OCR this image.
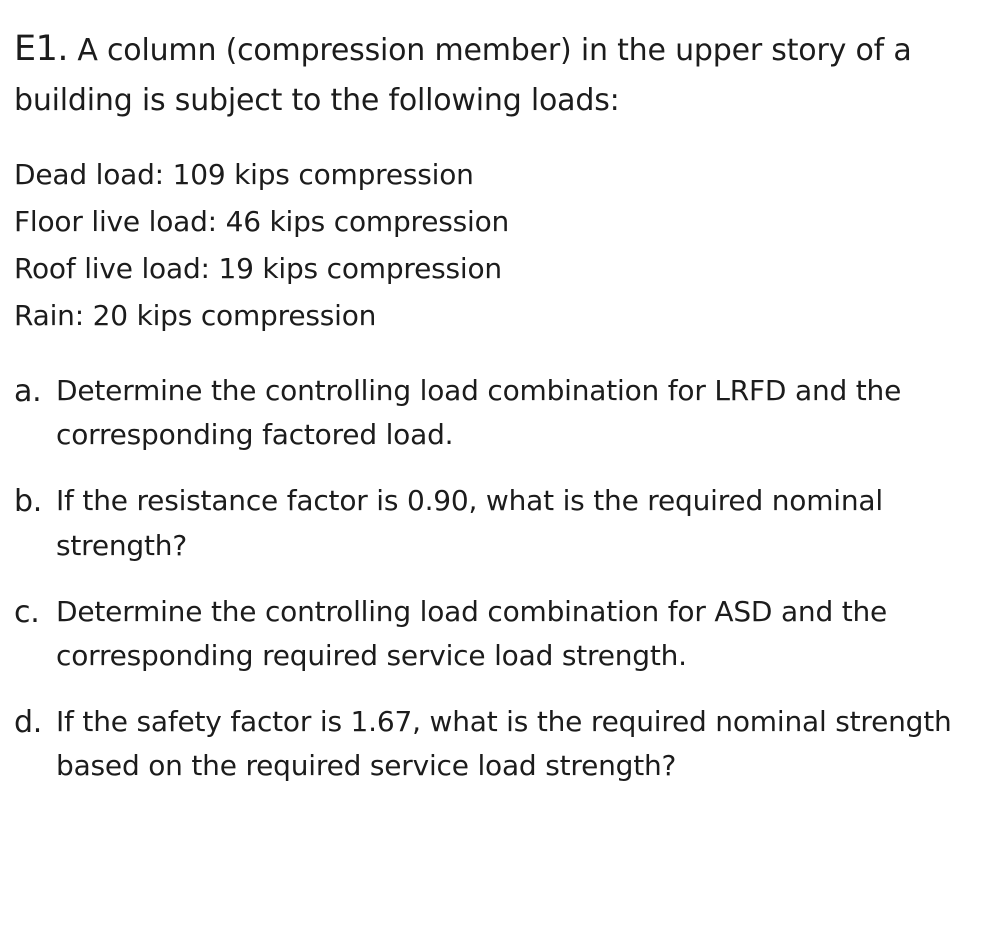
E1. A column (compression member) in the upper story of a building is subject to the following loads:

Dead load: 109 kips compression
Floor live load: 46 kips compression
Roof live load: 19 kips compression
Rain: 20 kips compression
a. Determine the controlling load combination for LRFD and the corresponding factored load.
b. If the resistance factor is 0.90, what is the required nominal strength?
c. Determine the controlling load combination for ASD and the corresponding required service load strength.
d. If the safety factor is 1.67, what is the required nominal strength based on the required service load strength?
